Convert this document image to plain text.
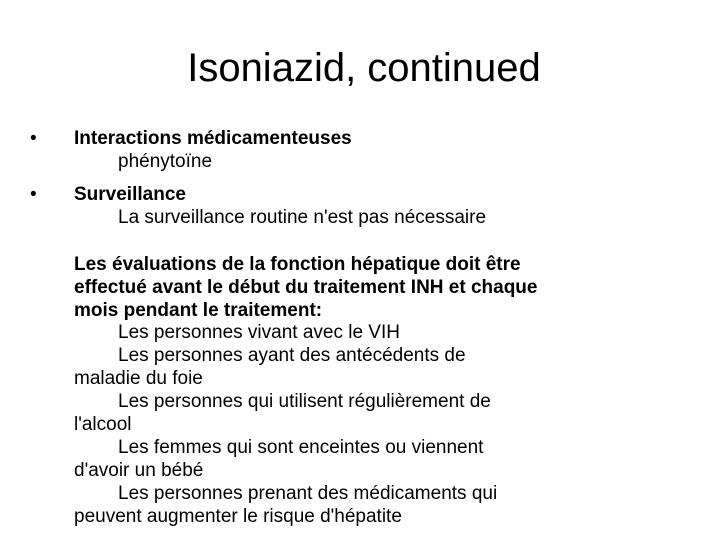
Isoniazid, continued
•	Interactions médicamenteuses
phénytoïne
•	Surveillance
La surveillance routine n'est pas nécessaire
Les évaluations de la fonction hépatique doit être
effectué avant le début du traitement INH et chaque
mois pendant le traitement:
Les personnes vivant avec le VIH
Les personnes ayant des antécédents de
maladie du foie
Les personnes qui utilisent régulièrement de
l'alcool
Les femmes qui sont enceintes ou viennent
d'avoir un bébé
Les personnes prenant des médicaments qui
peuvent augmenter le risque d'hépatite
